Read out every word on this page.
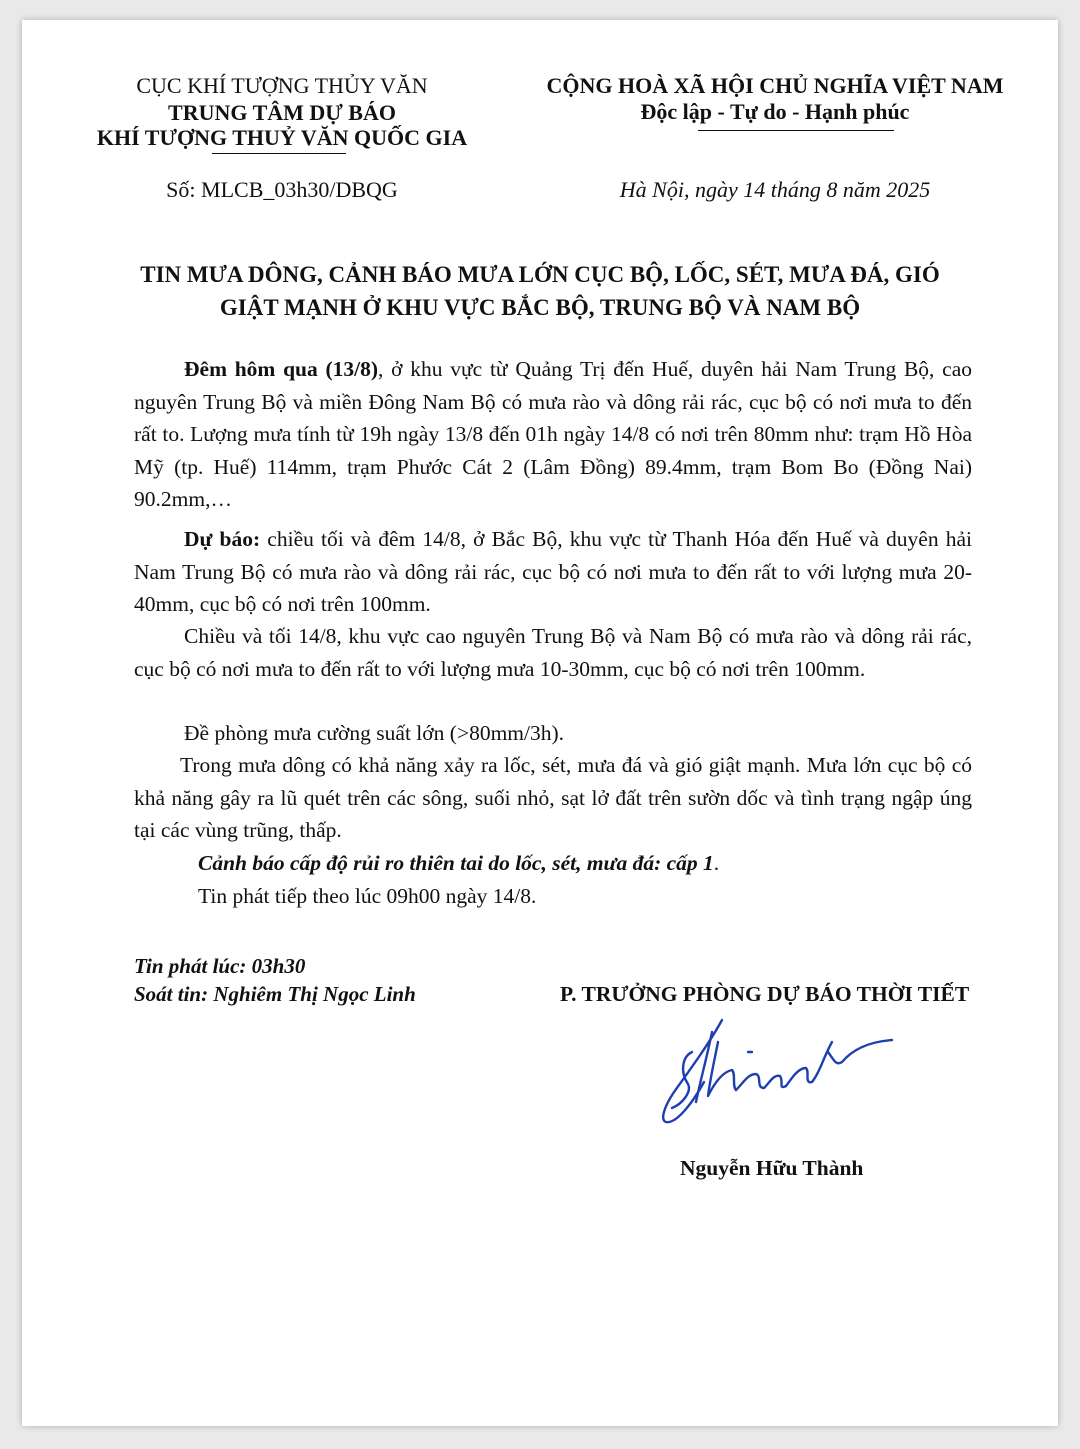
CỤC KHÍ TƯỢNG THỦY VĂN
TRUNG TÂM DỰ BÁO
KHÍ TƯỢNG THUỶ VĂN QUỐC GIA
Số: MLCB_03h30/DBQG
CỘNG HOÀ XÃ HỘI CHỦ NGHĨA VIỆT NAM
Độc lập - Tự do - Hạnh phúc
Hà Nội, ngày 14 tháng 8 năm 2025
TIN MƯA DÔNG, CẢNH BÁO MƯA LỚN CỤC BỘ, LỐC, SÉT, MƯA ĐÁ, GIÓ
GIẬT MẠNH Ở KHU VỰC BẮC BỘ, TRUNG BỘ VÀ NAM BỘ

Đêm hôm qua (13/8), ở khu vực từ Quảng Trị đến Huế, duyên hải Nam Trung Bộ, cao nguyên Trung Bộ và miền Đông Nam Bộ có mưa rào và dông rải rác, cục bộ có nơi mưa to đến rất to. Lượng mưa tính từ 19h ngày 13/8 đến 01h ngày 14/8 có nơi trên 80mm như: trạm Hồ Hòa Mỹ (tp. Huế) 114mm, trạm Phước Cát 2 (Lâm Đồng) 89.4mm, trạm Bom Bo (Đồng Nai) 90.2mm,…

Dự báo: chiều tối và đêm 14/8, ở Bắc Bộ, khu vực từ Thanh Hóa đến Huế và duyên hải Nam Trung Bộ có mưa rào và dông rải rác, cục bộ có nơi mưa to đến rất to với lượng mưa 20-40mm, cục bộ có nơi trên 100mm.

Chiều và tối 14/8, khu vực cao nguyên Trung Bộ và Nam Bộ có mưa rào và dông rải rác, cục bộ có nơi mưa to đến rất to với lượng mưa 10-30mm, cục bộ có nơi trên 100mm.

Đề phòng mưa cường suất lớn (>80mm/3h).

Trong mưa dông có khả năng xảy ra lốc, sét, mưa đá và gió giật mạnh. Mưa lớn cục bộ có khả năng gây ra lũ quét trên các sông, suối nhỏ, sạt lở đất trên sườn dốc và tình trạng ngập úng tại các vùng trũng, thấp.

Cảnh báo cấp độ rủi ro thiên tai do lốc, sét, mưa đá: cấp 1.
Tin phát tiếp theo lúc 09h00 ngày 14/8.
Tin phát lúc: 03h30
Soát tin: Nghiêm Thị Ngọc Linh	P. TRƯỞNG PHÒNG DỰ BÁO THỜI TIẾT
Nguyễn Hữu Thành
